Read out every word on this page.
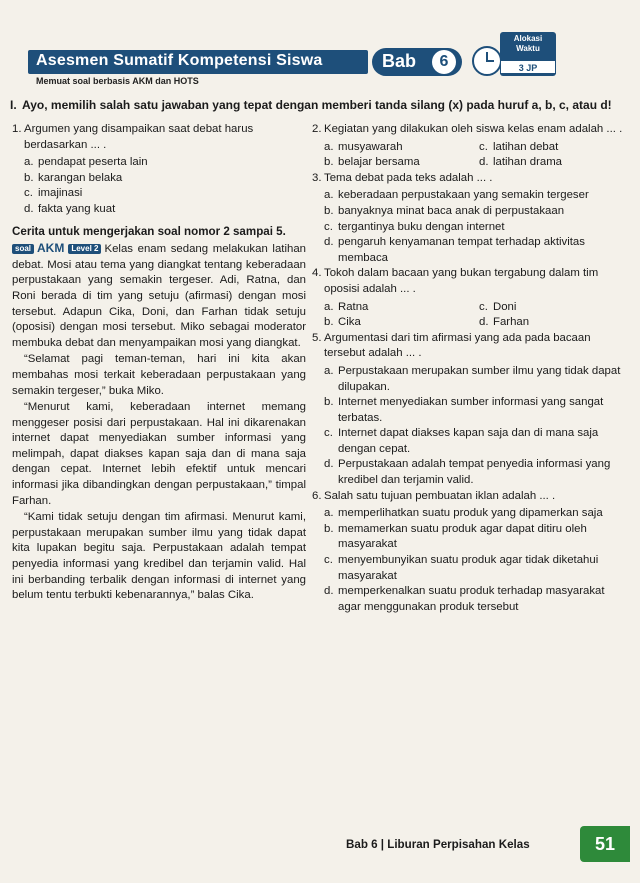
Asesmen Sumatif Kompetensi Siswa
Memuat soal berbasis AKM dan HOTS
Bab	6
Alokasi
Waktu
3 JP
I. Ayo, memilih salah satu jawaban yang tepat dengan memberi tanda silang (x) pada huruf a, b, c, atau d!
1. Argumen yang disampaikan saat debat harus berdasarkan ... .
a. pendapat peserta lain
b. karangan belaka
c. imajinasi
d. fakta yang kuat
Cerita untuk mengerjakan soal nomor 2 sampai 5.

soal AKM Level 2 Kelas enam sedang melakukan latihan debat. Mosi atau tema yang diangkat tentang keberadaan perpustakaan yang semakin tergeser. Adi, Ratna, dan Roni berada di tim yang setuju (afirmasi) dengan mosi tersebut. Adapun Cika, Doni, dan Farhan tidak setuju (oposisi) dengan mosi tersebut. Miko sebagai moderator membuka debat dan menyampaikan mosi yang diangkat.

“Selamat pagi teman-teman, hari ini kita akan membahas mosi terkait keberadaan perpustakaan yang semakin tergeser,” buka Miko.

“Menurut kami, keberadaan internet memang menggeser posisi dari perpustakaan. Hal ini dikarenakan internet dapat menyediakan sumber informasi yang melimpah, dapat diakses kapan saja dan di mana saja dengan cepat. Internet lebih efektif untuk mencari informasi jika dibandingkan dengan perpustakaan,” timpal Farhan.

“Kami tidak setuju dengan tim afirmasi. Menurut kami, perpustakaan merupakan sumber ilmu yang tidak dapat kita lupakan begitu saja. Perpustakaan adalah tempat penyedia informasi yang kredibel dan terjamin valid. Hal ini berbanding terbalik dengan informasi di internet yang belum tentu terbukti kebenarannya,” balas Cika.

2. Kegiatan yang dilakukan oleh siswa kelas enam adalah ... .
a. musyawarah	c. latihan debat
b. belajar bersama	d. latihan drama
3. Tema debat pada teks adalah ... .
a. keberadaan perpustakaan yang semakin tergeser
b. banyaknya minat baca anak di perpustakaan
c. tergantinya buku dengan internet
d. pengaruh kenyamanan tempat terhadap aktivitas membaca
4. Tokoh dalam bacaan yang bukan tergabung dalam tim oposisi adalah ... .
a. Ratna	c. Doni
b. Cika	d. Farhan
5. Argumentasi dari tim afirmasi yang ada pada bacaan tersebut adalah ... .
a. Perpustakaan merupakan sumber ilmu yang tidak dapat dilupakan.
b. Internet menyediakan sumber informasi yang sangat terbatas.
c. Internet dapat diakses kapan saja dan di mana saja dengan cepat.
d. Perpustakaan adalah tempat penyedia informasi yang kredibel dan terjamin valid.
6. Salah satu tujuan pembuatan iklan adalah ... .
a. memperlihatkan suatu produk yang dipamerkan saja
b. memamerkan suatu produk agar dapat ditiru oleh masyarakat
c. menyembunyikan suatu produk agar tidak diketahui masyarakat
d. memperkenalkan suatu produk terhadap masyarakat agar menggunakan produk tersebut
Bab 6 | Liburan Perpisahan Kelas	51
